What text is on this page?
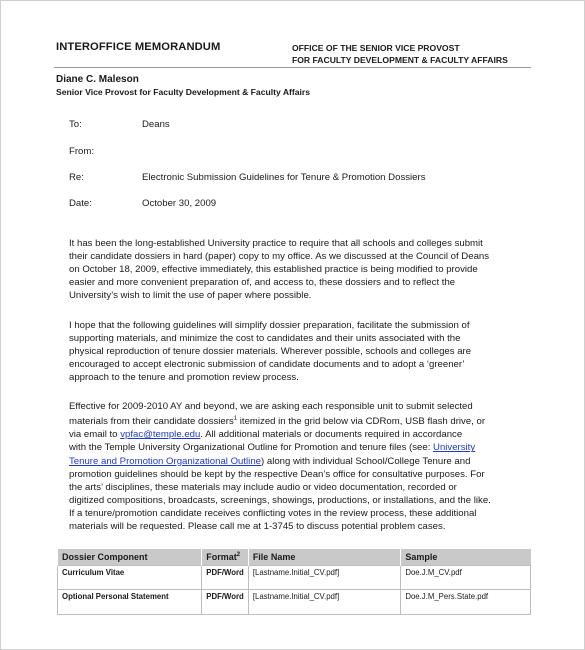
INTEROFFICE MEMORANDUM	OFFICE OF THE SENIOR VICE PROVOST
FOR FACULTY DEVELOPMENT & FACULTY AFFAIRS
Diane C. Maleson
Senior Vice Provost for Faculty Development & Faculty Affairs
To:	Deans
From:
Re:	Electronic Submission Guidelines for Tenure & Promotion Dossiers
Date:	October 30, 2009
It has been the long-established University practice to require that all schools and colleges submit
their candidate dossiers in hard (paper) copy to my office. As we discussed at the Council of Deans
on October 18, 2009, effective immediately, this established practice is being modified to provide
easier and more convenient preparation of, and access to, these dossiers and to reflect the
University’s wish to limit the use of paper where possible.
I hope that the following guidelines will simplify dossier preparation, facilitate the submission of
supporting materials, and minimize the cost to candidates and their units associated with the
physical reproduction of tenure dossier materials. Wherever possible, schools and colleges are
encouraged to accept electronic submission of candidate documents and to adopt a ‘greener’
approach to the tenure and promotion review process.
Effective for 2009-2010 AY and beyond, we are asking each responsible unit to submit selected
materials from their candidate dossiers$^1$ itemized in the grid below via CDRom, USB flash drive, or
via email to vpfac@temple.edu. All additional materials or documents required in accordance
with the Temple University Organizational Outline for Promotion and tenure files (see: University
Tenure and Promotion Organizational Outline) along with individual School/College Tenure and
promotion guidelines should be kept by the respective Dean’s office for consultative purposes. For
the arts’ disciplines, these materials may include audio or video documentation, recorded or
digitized compositions, broadcasts, screenings, showings, productions, or installations, and the like.
If a tenure/promotion candidate receives conflicting votes in the review process, these additional
materials will be requested. Please call me at 1-3745 to discuss potential problem cases.
Dossier Component	Format$^2$	File Name	Sample
Curriculum Vitae	PDF/Word	[Lastname.Initial_CV.pdf]	Doe.J.M_CV.pdf
Optional Personal Statement	PDF/Word	[Lastname.Initial_CV.pdf]	Doe.J.M_Pers.State.pdf
